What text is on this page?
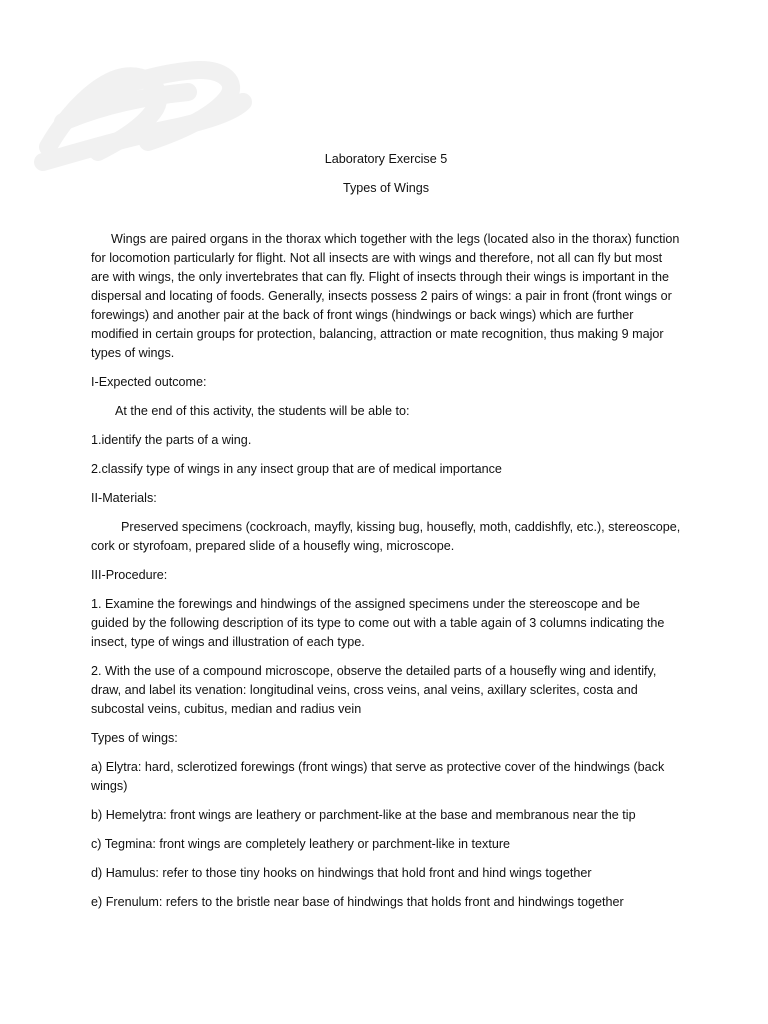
Laboratory Exercise 5

Types of Wings

Wings are paired organs in the thorax which together with the legs (located also in the thorax) function for locomotion particularly for flight. Not all insects are with wings and therefore, not all can fly but most are with wings, the only invertebrates that can fly. Flight of insects through their wings is important in the dispersal and locating of foods. Generally, insects possess 2 pairs of wings: a pair in front (front wings or forewings) and another pair at the back of front wings (hindwings or back wings) which are further modified in certain groups for protection, balancing, attraction or mate recognition, thus making 9 major types of wings.

I-Expected outcome:

At the end of this activity, the students will be able to:

1.identify the parts of a wing.

2.classify type of wings in any insect group that are of medical importance

II-Materials:

Preserved specimens (cockroach, mayfly, kissing bug, housefly, moth, caddishfly, etc.), stereoscope, cork or styrofoam, prepared slide of a housefly wing, microscope.

III-Procedure:

1. Examine the forewings and hindwings of the assigned specimens under the stereoscope and be guided by the following description of its type to come out with a table again of 3 columns indicating the insect, type of wings and illustration of each type.

2. With the use of a compound microscope, observe the detailed parts of a housefly wing and identify, draw, and label its venation: longitudinal veins, cross veins, anal veins, axillary sclerites, costa and subcostal veins, cubitus, median and radius vein

Types of wings:

a) Elytra: hard, sclerotized forewings (front wings) that serve as protective cover of the hindwings (back wings)

b) Hemelytra: front wings are leathery or parchment-like at the base and membranous near the tip

c) Tegmina: front wings are completely leathery or parchment-like in texture

d) Hamulus: refer to those tiny hooks on hindwings that hold front and hind wings together

e) Frenulum: refers to the bristle near base of hindwings that holds front and hindwings together
